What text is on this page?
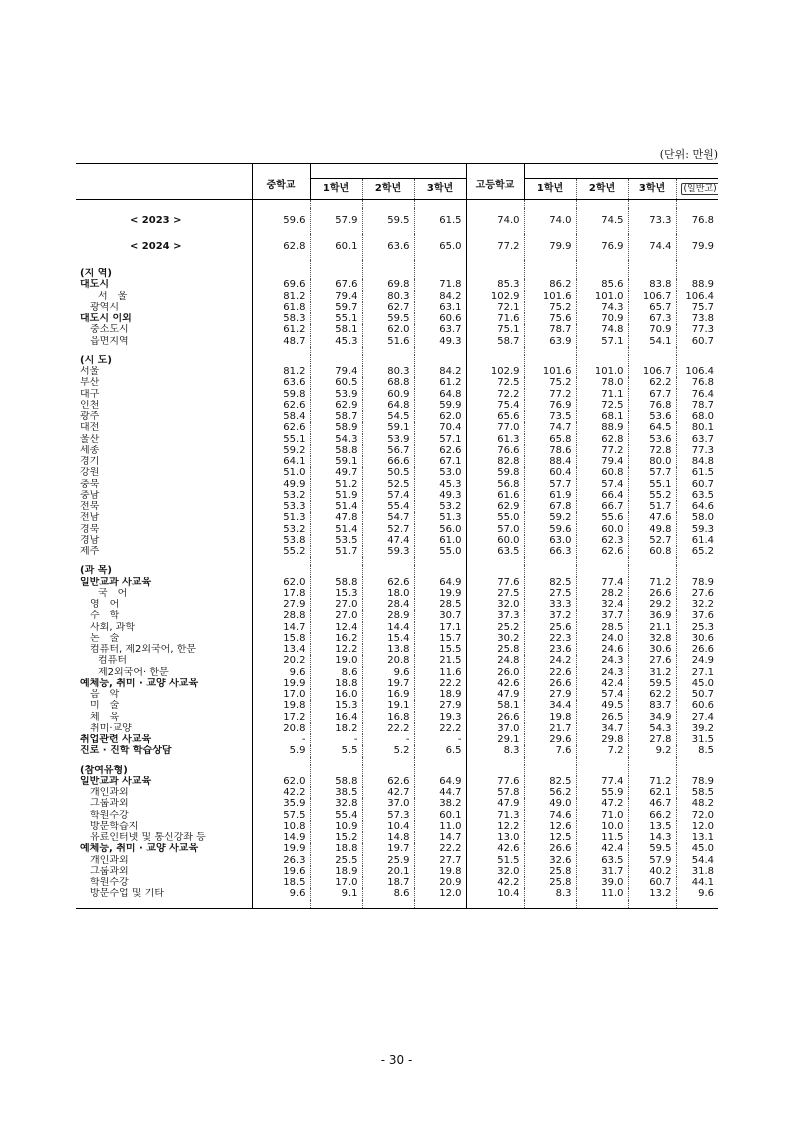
(단위: 만원)
	중학교				고등학교				
		1학년	2학년	3학년		1학년	2학년	3학년	(일반고)

< 2023 >	59.6	57.9	59.5	61.5	74.0	74.0	74.5	73.3	76.8
< 2024 >	62.8	60.1	63.6	65.0	77.2	79.9	76.9	74.4	79.9

(지 역)									
대도시	69.6	67.6	69.8	71.8	85.3	86.2	85.6	83.8	88.9
서　울	81.2	79.4	80.3	84.2	102.9	101.6	101.0	106.7	106.4
광역시	61.8	59.7	62.7	63.1	72.1	75.2	74.3	65.7	75.7
대도시 이외	58.3	55.1	59.5	60.6	71.6	75.6	70.9	67.3	73.8
중소도시	61.2	58.1	62.0	63.7	75.1	78.7	74.8	70.9	77.3
읍면지역	48.7	45.3	51.6	49.3	58.7	63.9	57.1	54.1	60.7

(시 도)									
서울	81.2	79.4	80.3	84.2	102.9	101.6	101.0	106.7	106.4
부산	63.6	60.5	68.8	61.2	72.5	75.2	78.0	62.2	76.8
대구	59.8	53.9	60.9	64.8	72.2	77.2	71.1	67.7	76.4
인천	62.6	62.9	64.8	59.9	75.4	76.9	72.5	76.8	78.7
광주	58.4	58.7	54.5	62.0	65.6	73.5	68.1	53.6	68.0
대전	62.6	58.9	59.1	70.4	77.0	74.7	88.9	64.5	80.1
울산	55.1	54.3	53.9	57.1	61.3	65.8	62.8	53.6	63.7
세종	59.2	58.8	56.7	62.6	76.6	78.6	77.2	72.8	77.3
경기	64.1	59.1	66.6	67.1	82.8	88.4	79.4	80.0	84.8
강원	51.0	49.7	50.5	53.0	59.8	60.4	60.8	57.7	61.5
충북	49.9	51.2	52.5	45.3	56.8	57.7	57.4	55.1	60.7
충남	53.2	51.9	57.4	49.3	61.6	61.9	66.4	55.2	63.5
전북	53.3	51.4	55.4	53.2	62.9	67.8	66.7	51.7	64.6
전남	51.3	47.8	54.7	51.3	55.0	59.2	55.6	47.6	58.0
경북	53.2	51.4	52.7	56.0	57.0	59.6	60.0	49.8	59.3
경남	53.8	53.5	47.4	61.0	60.0	63.0	62.3	52.7	61.4
제주	55.2	51.7	59.3	55.0	63.5	66.3	62.6	60.8	65.2

(과 목)									
일반교과 사교육	62.0	58.8	62.6	64.9	77.6	82.5	77.4	71.2	78.9
국　어	17.8	15.3	18.0	19.9	27.5	27.5	28.2	26.6	27.6
영　어	27.9	27.0	28.4	28.5	32.0	33.3	32.4	29.2	32.2
수　학	28.8	27.0	28.9	30.7	37.3	37.2	37.7	36.9	37.6
사회, 과학	14.7	12.4	14.4	17.1	25.2	25.6	28.5	21.1	25.3
논　술	15.8	16.2	15.4	15.7	30.2	22.3	24.0	32.8	30.6
컴퓨터, 제2외국어, 한문	13.4	12.2	13.8	15.5	25.8	23.6	24.6	30.6	26.6
컴퓨터	20.2	19.0	20.8	21.5	24.8	24.2	24.3	27.6	24.9
제2외국어· 한문	9.6	8.6	9.6	11.6	26.0	22.6	24.3	31.2	27.1
예체능, 취미 · 교양 사교육	19.9	18.8	19.7	22.2	42.6	26.6	42.4	59.5	45.0
음　악	17.0	16.0	16.9	18.9	47.9	27.9	57.4	62.2	50.7
미　술	19.8	15.3	19.1	27.9	58.1	34.4	49.5	83.7	60.6
체　육	17.2	16.4	16.8	19.3	26.6	19.8	26.5	34.9	27.4
취미·교양	20.8	18.2	22.2	22.2	37.0	21.7	34.7	54.3	39.2
취업관련 사교육	-	-	-	-	29.1	29.6	29.8	27.8	31.5
진로 · 진학 학습상담	5.9	5.5	5.2	6.5	8.3	7.6	7.2	9.2	8.5

(참여유형)									
일반교과 사교육	62.0	58.8	62.6	64.9	77.6	82.5	77.4	71.2	78.9
개인과외	42.2	38.5	42.7	44.7	57.8	56.2	55.9	62.1	58.5
그룹과외	35.9	32.8	37.0	38.2	47.9	49.0	47.2	46.7	48.2
학원수강	57.5	55.4	57.3	60.1	71.3	74.6	71.0	66.2	72.0
방문학습지	10.8	10.9	10.4	11.0	12.2	12.6	10.0	13.5	12.0
유료인터넷 및 통신강좌 등	14.9	15.2	14.8	14.7	13.0	12.5	11.5	14.3	13.1
예체능, 취미 · 교양 사교육	19.9	18.8	19.7	22.2	42.6	26.6	42.4	59.5	45.0
개인과외	26.3	25.5	25.9	27.7	51.5	32.6	63.5	57.9	54.4
그룹과외	19.6	18.9	20.1	19.8	32.0	25.8	31.7	40.2	31.8
학원수강	18.5	17.0	18.7	20.9	42.2	25.8	39.0	60.7	44.1
방문수업 및 기타	9.6	9.1	8.6	12.0	10.4	8.3	11.0	13.2	9.6

- 30 -
